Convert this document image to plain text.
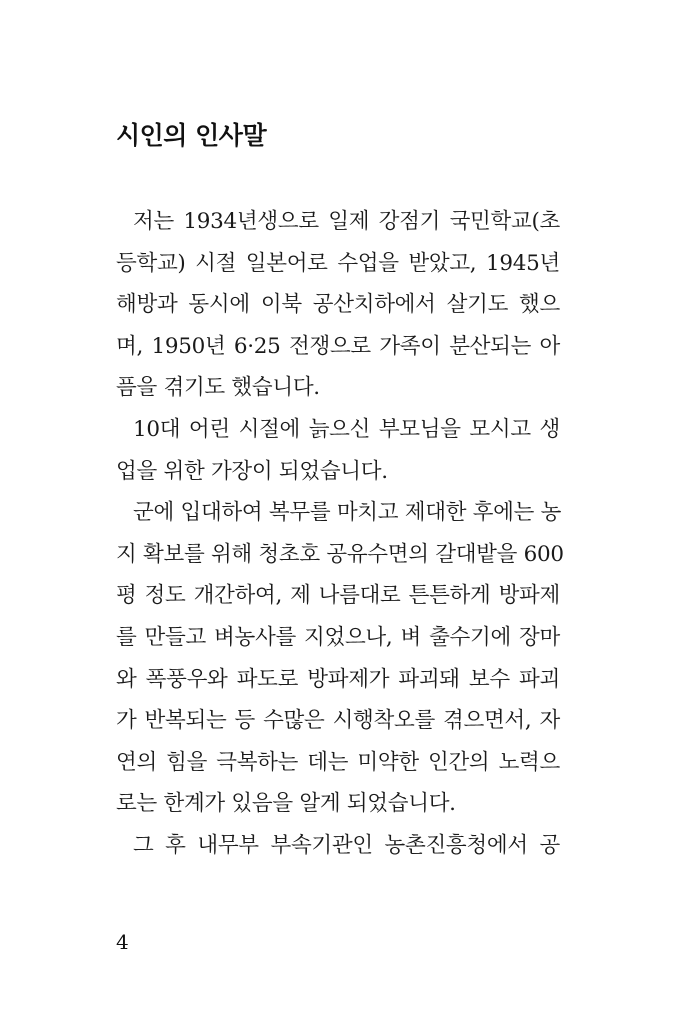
시인의 인사말
저는 1934년생으로 일제 강점기 국민학교(초
등학교) 시절 일본어로 수업을 받았고, 1945년
해방과 동시에 이북 공산치하에서 살기도 했으
며, 1950년 6·25 전쟁으로 가족이 분산되는 아
픔을 겪기도 했습니다.
10대 어린 시절에 늙으신 부모님을 모시고 생
업을 위한 가장이 되었습니다.
군에 입대하여 복무를 마치고 제대한 후에는 농
지 확보를 위해 청초호 공유수면의 갈대밭을 600
평 정도 개간하여, 제 나름대로 튼튼하게 방파제
를 만들고 벼농사를 지었으나, 벼 출수기에 장마
와 폭풍우와 파도로 방파제가 파괴돼 보수 파괴
가 반복되는 등 수많은 시행착오를 겪으면서, 자
연의 힘을 극복하는 데는 미약한 인간의 노력으
로는 한계가 있음을 알게 되었습니다.
그 후 내무부 부속기관인 농촌진흥청에서 공
4
